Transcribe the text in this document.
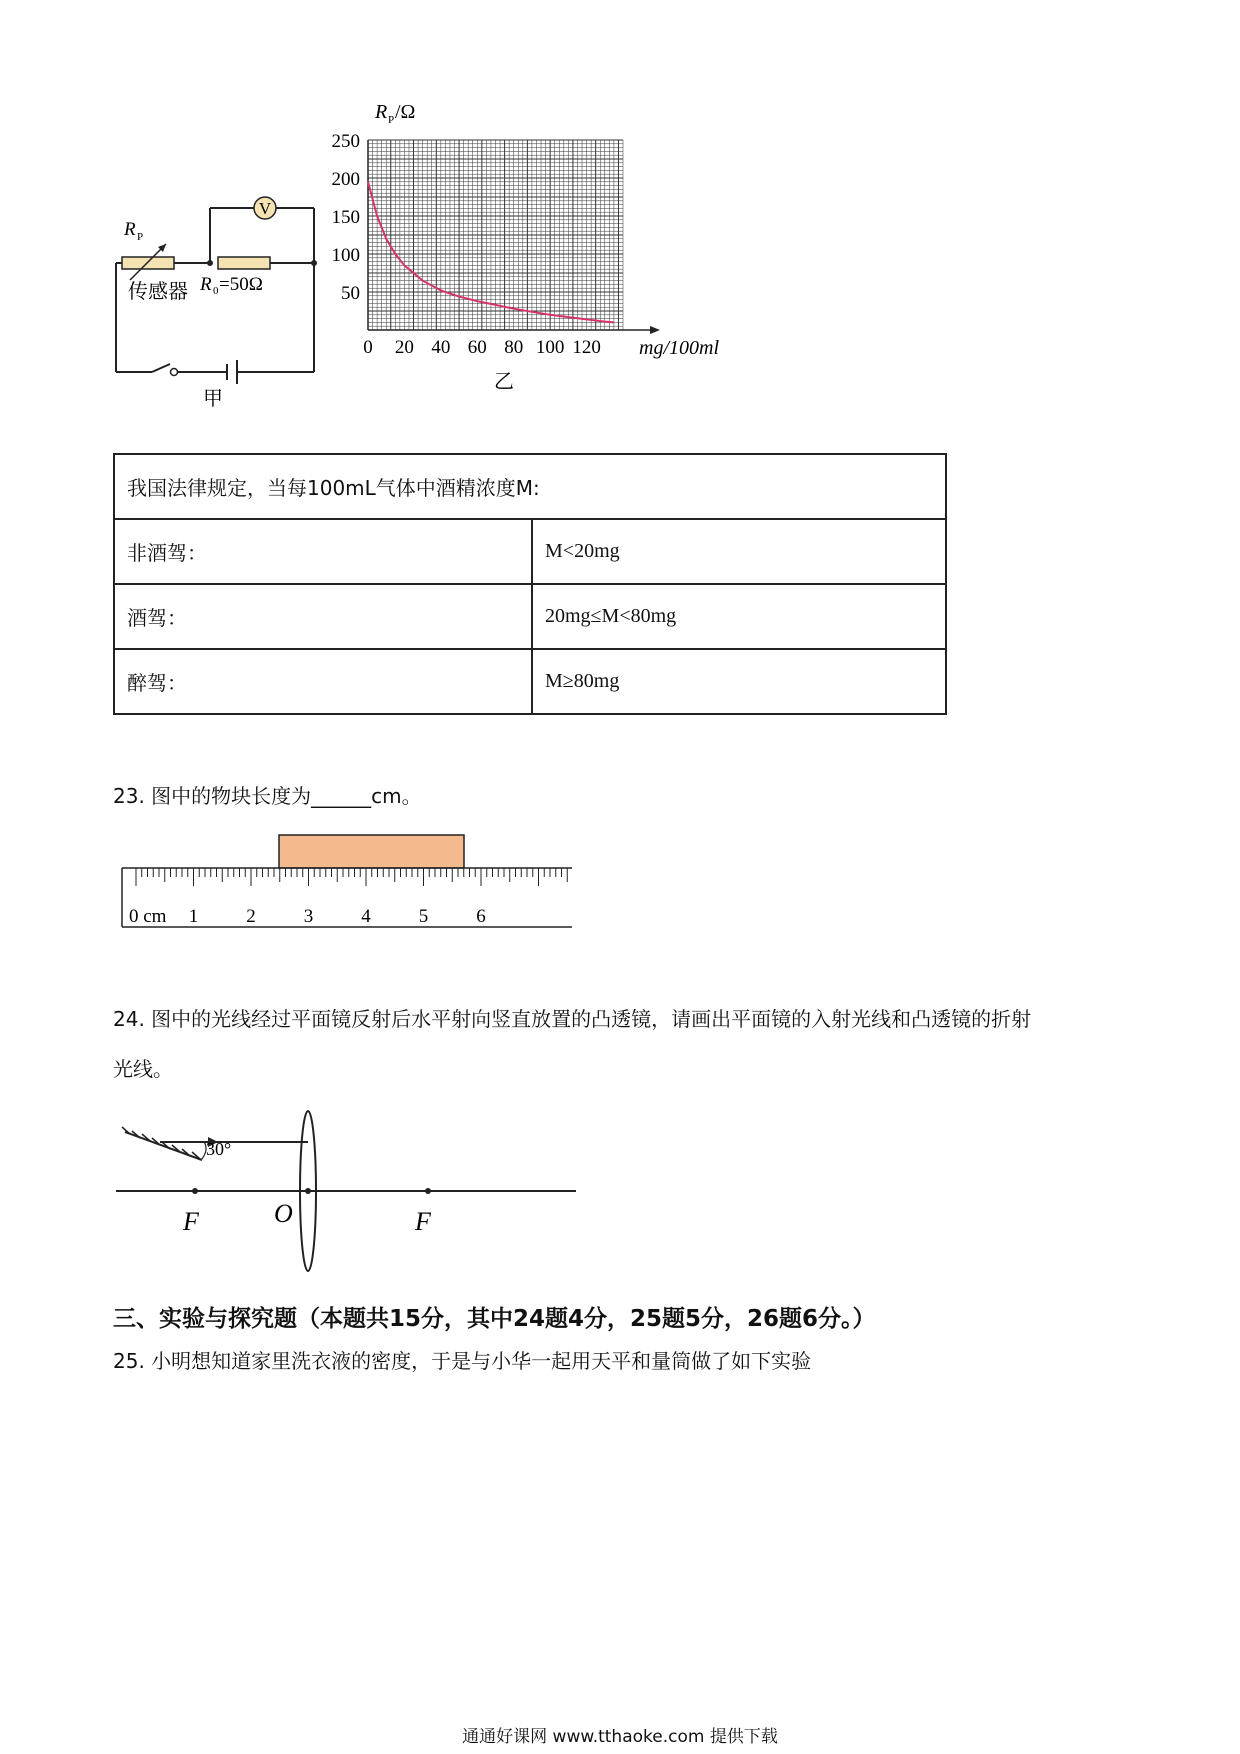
V
R P
传感器 R 0 =50Ω
甲
250
200
150
100
50
0 20 40 60 80 100 120
R P /Ω
mg/100ml
乙
我国法律规定，当每100mL气体中酒精浓度M:	
非酒驾：	M<20mg
酒驾：	20mg≤M<80mg
醉驾：	M≥80mg
23. 图中的物块长度为______cm。
0 cm 1	2	3	4	5	6
24. 图中的光线经过平面镜反射后水平射向竖直放置的凸透镜，请画出平面镜的入射光线和凸透镜的折射
光线。
30°
F	O	F
三、实验与探究题（本题共15分，其中24题4分，25题5分，26题6分。）
25. 小明想知道家里洗衣液的密度，于是与小华一起用天平和量筒做了如下实验
通通好课网 www.tthaoke.com 提供下载
